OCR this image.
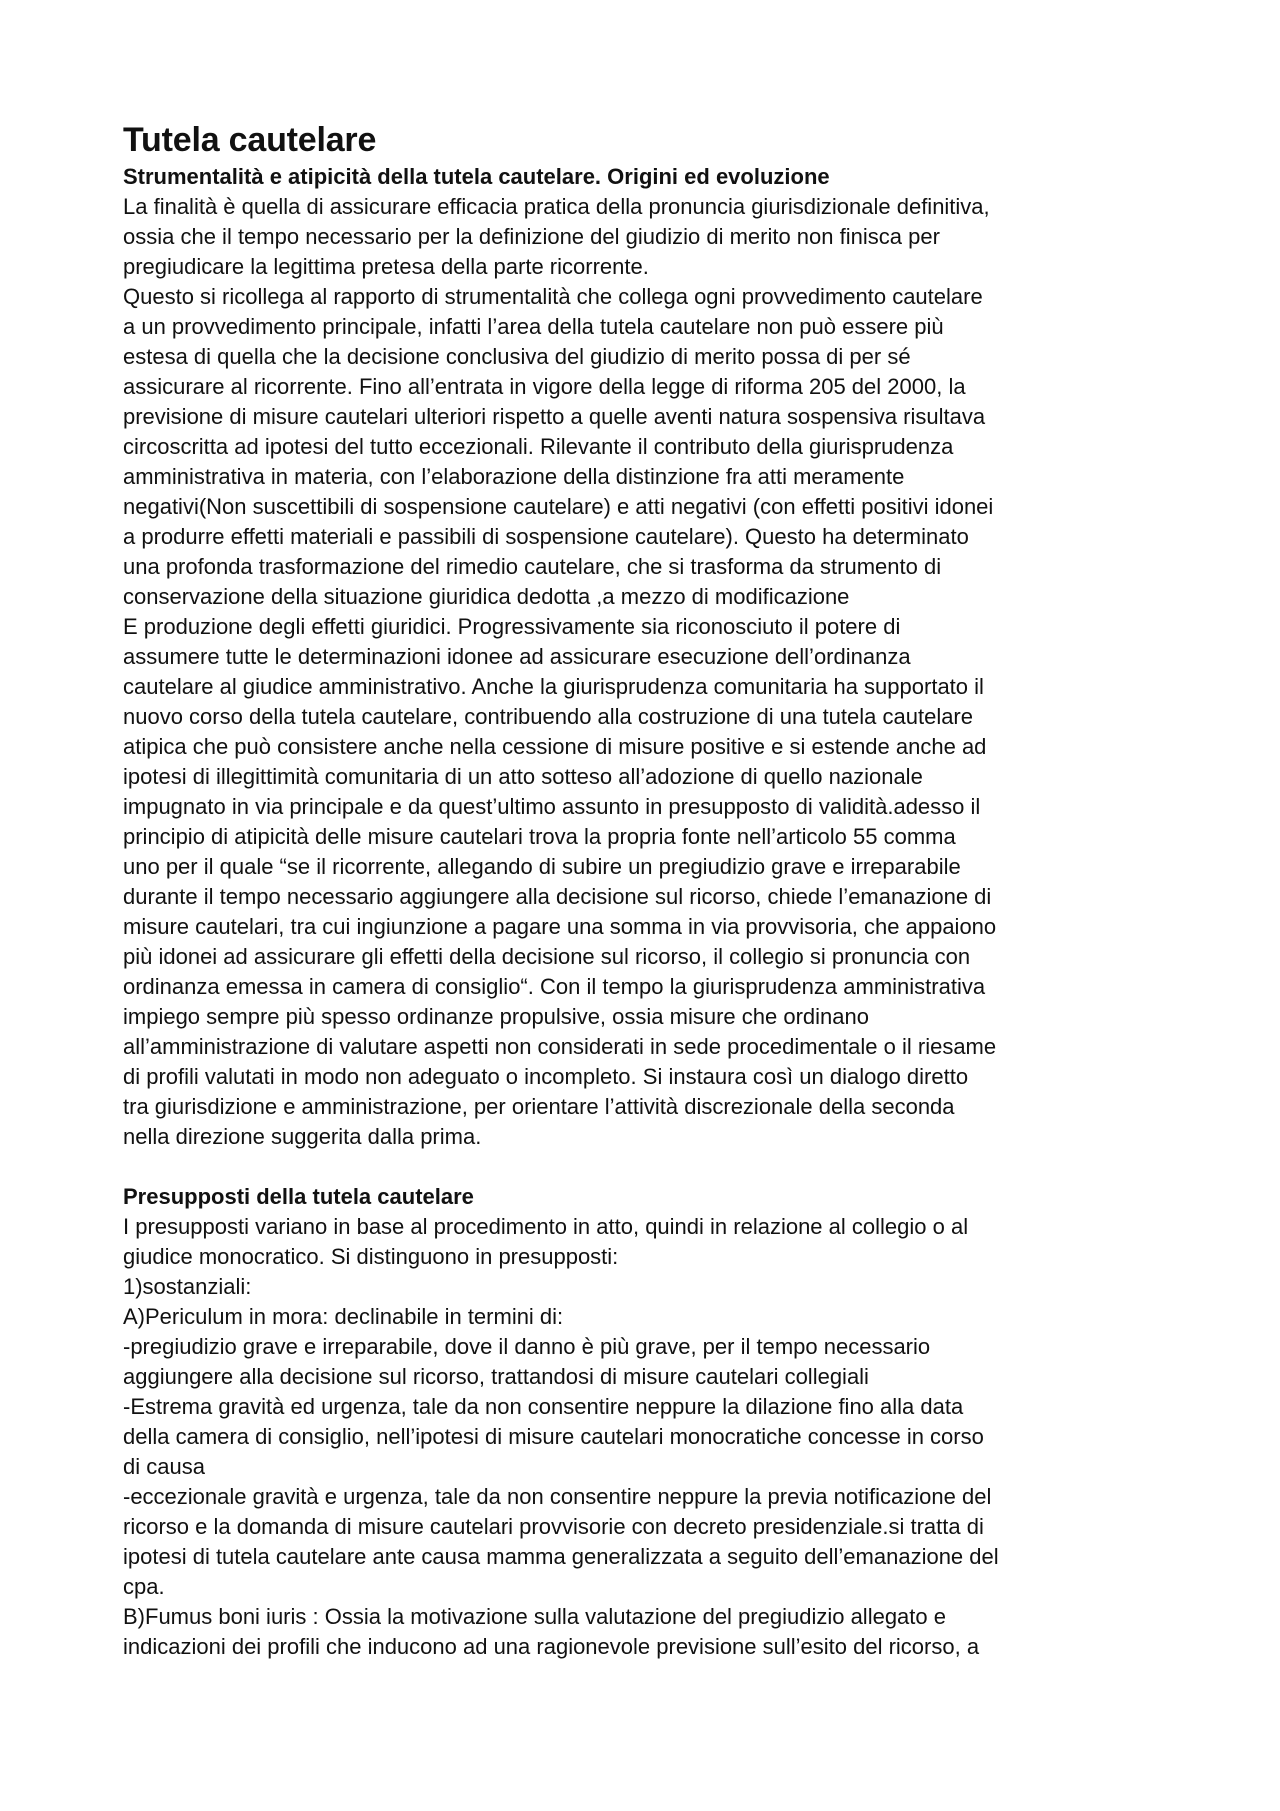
Tutela cautelare
Strumentalità e atipicità della tutela cautelare. Origini ed evoluzione

La finalità è quella di assicurare efficacia pratica della pronuncia giurisdizionale definitiva,

ossia che il tempo necessario per la definizione del giudizio di merito non finisca per

pregiudicare la legittima pretesa della parte ricorrente.

Questo si ricollega al rapporto di strumentalità che collega ogni provvedimento cautelare

a un provvedimento principale, infatti l’area della tutela cautelare non può essere più

estesa di quella che la decisione conclusiva del giudizio di merito possa di per sé

assicurare al ricorrente. Fino all’entrata in vigore della legge di riforma 205 del 2000, la

previsione di misure cautelari ulteriori rispetto a quelle aventi natura sospensiva risultava

circoscritta ad ipotesi del tutto eccezionali. Rilevante il contributo della giurisprudenza

amministrativa in materia, con l’elaborazione della distinzione fra atti meramente

negativi(Non suscettibili di sospensione cautelare) e atti negativi (con effetti positivi idonei

a produrre effetti materiali e passibili di sospensione cautelare). Questo ha determinato

una profonda trasformazione del rimedio cautelare, che si trasforma da strumento di

conservazione della situazione giuridica dedotta ,a mezzo di modificazione

E produzione degli effetti giuridici. Progressivamente sia riconosciuto il potere di

assumere tutte le determinazioni idonee ad assicurare esecuzione dell’ordinanza

cautelare al giudice amministrativo. Anche la giurisprudenza comunitaria ha supportato il

nuovo corso della tutela cautelare, contribuendo alla costruzione di una tutela cautelare

atipica che può consistere anche nella cessione di misure positive e si estende anche ad

ipotesi di illegittimità comunitaria di un atto sotteso all’adozione di quello nazionale

impugnato in via principale e da quest’ultimo assunto in presupposto di validità.adesso il

principio di atipicità delle misure cautelari trova la propria fonte nell’articolo 55 comma

uno per il quale “se il ricorrente, allegando di subire un pregiudizio grave e irreparabile

durante il tempo necessario aggiungere alla decisione sul ricorso, chiede l’emanazione di

misure cautelari, tra cui ingiunzione a pagare una somma in via provvisoria, che appaiono

più idonei ad assicurare gli effetti della decisione sul ricorso, il collegio si pronuncia con

ordinanza emessa in camera di consiglio“. Con il tempo la giurisprudenza amministrativa

impiego sempre più spesso ordinanze propulsive, ossia misure che ordinano

all’amministrazione di valutare aspetti non considerati in sede procedimentale o il riesame

di profili valutati in modo non adeguato o incompleto. Si instaura così un dialogo diretto

tra giurisdizione e amministrazione, per orientare l’attività discrezionale della seconda

nella direzione suggerita dalla prima.

Presupposti della tutela cautelare

I presupposti variano in base al procedimento in atto, quindi in relazione al collegio o al

giudice monocratico. Si distinguono in presupposti:

1)sostanziali:

A)Periculum in mora: declinabile in termini di:

-pregiudizio grave e irreparabile, dove il danno è più grave, per il tempo necessario

aggiungere alla decisione sul ricorso, trattandosi di misure cautelari collegiali

-Estrema gravità ed urgenza, tale da non consentire neppure la dilazione fino alla data

della camera di consiglio, nell’ipotesi di misure cautelari monocratiche concesse in corso

di causa

-eccezionale gravità e urgenza, tale da non consentire neppure la previa notificazione del

ricorso e la domanda di misure cautelari provvisorie con decreto presidenziale.si tratta di

ipotesi di tutela cautelare ante causa mamma generalizzata a seguito dell’emanazione del

cpa.

B)Fumus boni iuris : Ossia la motivazione sulla valutazione del pregiudizio allegato e

indicazioni dei profili che inducono ad una ragionevole previsione sull’esito del ricorso, a
